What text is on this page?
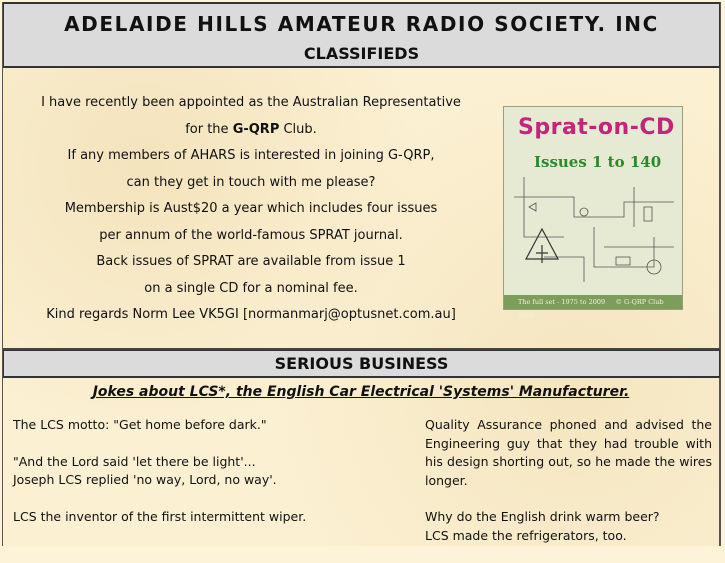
ADELAIDE HILLS AMATEUR RADIO SOCIETY. INC
CLASSIFIEDS
I have recently been appointed as the Australian Representative
for the G-QRP Club.
If any members of AHARS is interested in joining G-QRP,
can they get in touch with me please?
Membership is Aust$20 a year which includes four issues
per annum of the world-famous SPRAT journal.
Back issues of SPRAT are available from issue 1
on a single CD for a nominal fee.
Kind regards Norm Lee VK5GI [normanmarj@optusnet.com.au]
Sprat-on-CD
Issues 1 to 140
The full set - 1975 to 2009 © G-QRP Club 2009
SERIOUS BUSINESS
Jokes about LCS*, the English Car Electrical 'Systems' Manufacturer.

The LCS motto: "Get home before dark."

"And the Lord said 'let there be light'...
Joseph LCS replied 'no way, Lord, no way'.

LCS the inventor of the first intermittent wiper.

Quality Assurance phoned and advised the Engineering guy that they had trouble with his design shorting out, so he made the wires longer.

Why do the English drink warm beer?
LCS made the refrigerators, too.
